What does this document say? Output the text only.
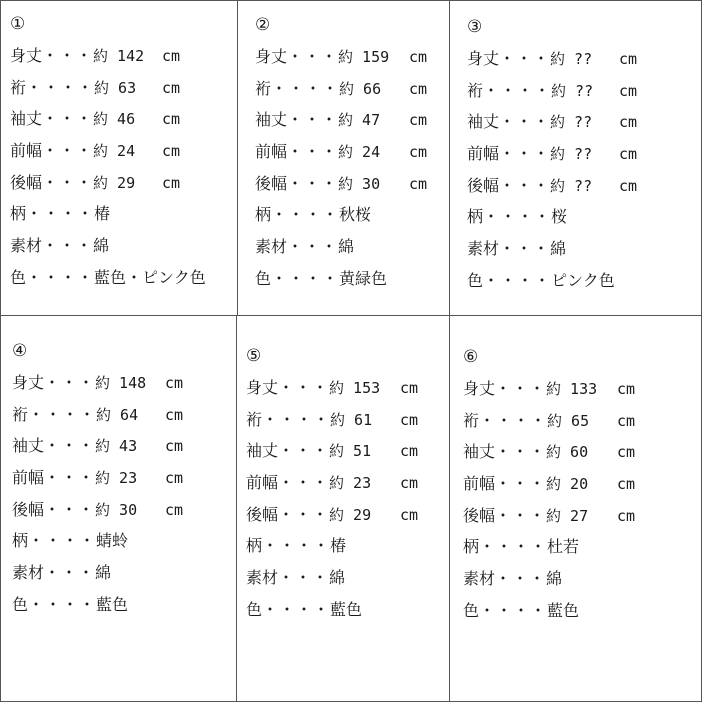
①
身丈 ・・・ 約 142 cm
裄 ・・・・ 約 63 cm
袖丈 ・・・ 約 46 cm
前幅 ・・・ 約 24 cm
後幅 ・・・ 約 29 cm
柄 ・・・・ 椿
素材 ・・・ 綿
色 ・・・・ 藍色・ピンク色
②
身丈 ・・・ 約 159 cm
裄 ・・・・ 約 66 cm
袖丈 ・・・ 約 47 cm
前幅 ・・・ 約 24 cm
後幅 ・・・ 約 30 cm
柄 ・・・・ 秋桜
素材 ・・・ 綿
色 ・・・・ 黄緑色
③
身丈 ・・・ 約 ?? cm
裄 ・・・・ 約 ?? cm
袖丈 ・・・ 約 ?? cm
前幅 ・・・ 約 ?? cm
後幅 ・・・ 約 ?? cm
柄 ・・・・ 桜
素材 ・・・ 綿
色 ・・・・ ピンク色
④
身丈 ・・・ 約 148 cm
裄 ・・・・ 約 64 cm
袖丈 ・・・ 約 43 cm
前幅 ・・・ 約 23 cm
後幅 ・・・ 約 30 cm
柄 ・・・・ 蜻蛉
素材 ・・・ 綿
色 ・・・・ 藍色
⑤
身丈 ・・・ 約 153 cm
裄 ・・・・ 約 61 cm
袖丈 ・・・ 約 51 cm
前幅 ・・・ 約 23 cm
後幅 ・・・ 約 29 cm
柄 ・・・・ 椿
素材 ・・・ 綿
色 ・・・・ 藍色
⑥
身丈 ・・・ 約 133 cm
裄 ・・・・ 約 65 cm
袖丈 ・・・ 約 60 cm
前幅 ・・・ 約 20 cm
後幅 ・・・ 約 27 cm
柄 ・・・・ 杜若
素材 ・・・ 綿
色 ・・・・ 藍色
